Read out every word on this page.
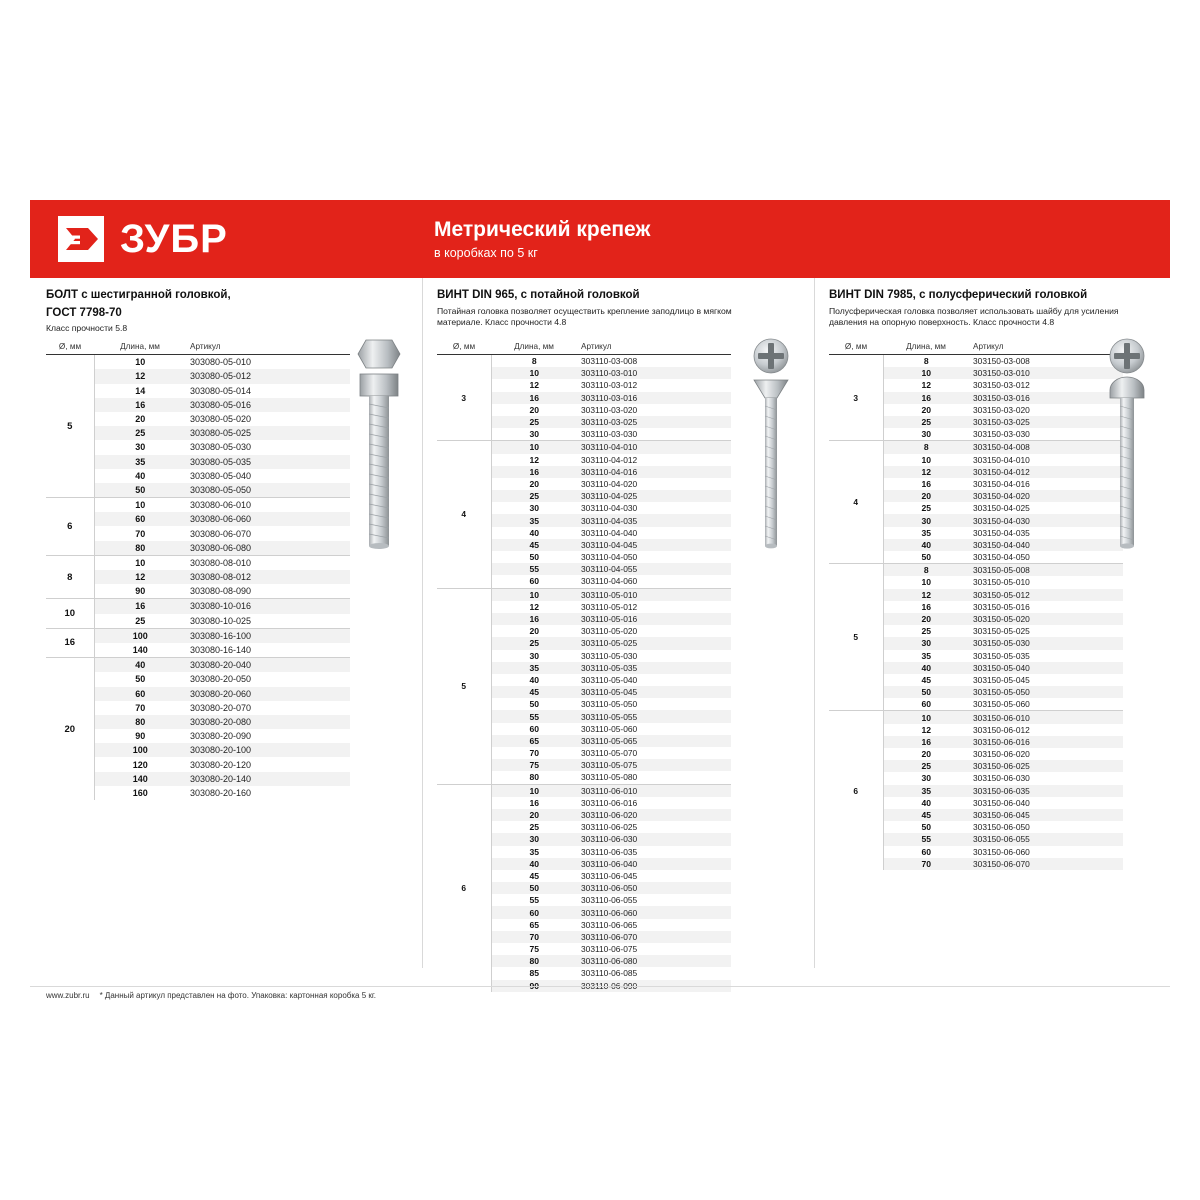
ЗУБР	Метрический крепеж
в коробках по 5 кг
БОЛТ с шестигранной головкой,
ГОСТ 7798-70
Класс прочности 5.8
Ø, мм	Длина, мм	Артикул
5	10	303080-05-010
	12	303080-05-012
	14	303080-05-014
	16	303080-05-016
	20	303080-05-020
	25	303080-05-025
	30	303080-05-030
	35	303080-05-035
	40	303080-05-040
	50	303080-05-050
6	10	303080-06-010
	60	303080-06-060
	70	303080-06-070
	80	303080-06-080
8	10	303080-08-010
	12	303080-08-012
	90	303080-08-090
10	16	303080-10-016
	25	303080-10-025
16	100	303080-16-100
	140	303080-16-140
20	40	303080-20-040
	50	303080-20-050
	60	303080-20-060
	70	303080-20-070
	80	303080-20-080
	90	303080-20-090
	100	303080-20-100
	120	303080-20-120
	140	303080-20-140
	160	303080-20-160
ВИНТ DIN 965, с потайной головкой
Потайная головка позволяет осуществить крепление заподлицо в мягком материале. Класс прочности 4.8
Ø, мм	Длина, мм	Артикул
3	8	303110-03-008
	10	303110-03-010
	12	303110-03-012
	16	303110-03-016
	20	303110-03-020
	25	303110-03-025
	30	303110-03-030
4	10	303110-04-010
	12	303110-04-012
	16	303110-04-016
	20	303110-04-020
	25	303110-04-025
	30	303110-04-030
	35	303110-04-035
	40	303110-04-040
	45	303110-04-045
	50	303110-04-050
	55	303110-04-055
	60	303110-04-060
5	10	303110-05-010
	12	303110-05-012
	16	303110-05-016
	20	303110-05-020
	25	303110-05-025
	30	303110-05-030
	35	303110-05-035
	40	303110-05-040
	45	303110-05-045
	50	303110-05-050
	55	303110-05-055
	60	303110-05-060
	65	303110-05-065
	70	303110-05-070
	75	303110-05-075
	80	303110-05-080
6	10	303110-06-010
	16	303110-06-016
	20	303110-06-020
	25	303110-06-025
	30	303110-06-030
	35	303110-06-035
	40	303110-06-040
	45	303110-06-045
	50	303110-06-050
	55	303110-06-055
	60	303110-06-060
	65	303110-06-065
	70	303110-06-070
	75	303110-06-075
	80	303110-06-080
	85	303110-06-085
	90	303110-06-090
ВИНТ DIN 7985, с полусферический головкой
Полусферическая головка позволяет использовать шайбу для усиления давления на опорную поверхность. Класс прочности 4.8
Ø, мм	Длина, мм	Артикул
3	8	303150-03-008
	10	303150-03-010
	12	303150-03-012
	16	303150-03-016
	20	303150-03-020
	25	303150-03-025
	30	303150-03-030
4	8	303150-04-008
	10	303150-04-010
	12	303150-04-012
	16	303150-04-016
	20	303150-04-020
	25	303150-04-025
	30	303150-04-030
	35	303150-04-035
	40	303150-04-040
	50	303150-04-050
5	8	303150-05-008
	10	303150-05-010
	12	303150-05-012
	16	303150-05-016
	20	303150-05-020
	25	303150-05-025
	30	303150-05-030
	35	303150-05-035
	40	303150-05-040
	45	303150-05-045
	50	303150-05-050
	60	303150-05-060
6	10	303150-06-010
	12	303150-06-012
	16	303150-06-016
	20	303150-06-020
	25	303150-06-025
	30	303150-06-030
	35	303150-06-035
	40	303150-06-040
	45	303150-06-045
	50	303150-06-050
	55	303150-06-055
	60	303150-06-060
	70	303150-06-070
www.zubr.ru * Данный артикул представлен на фото. Упаковка: картонная коробка 5 кг.
